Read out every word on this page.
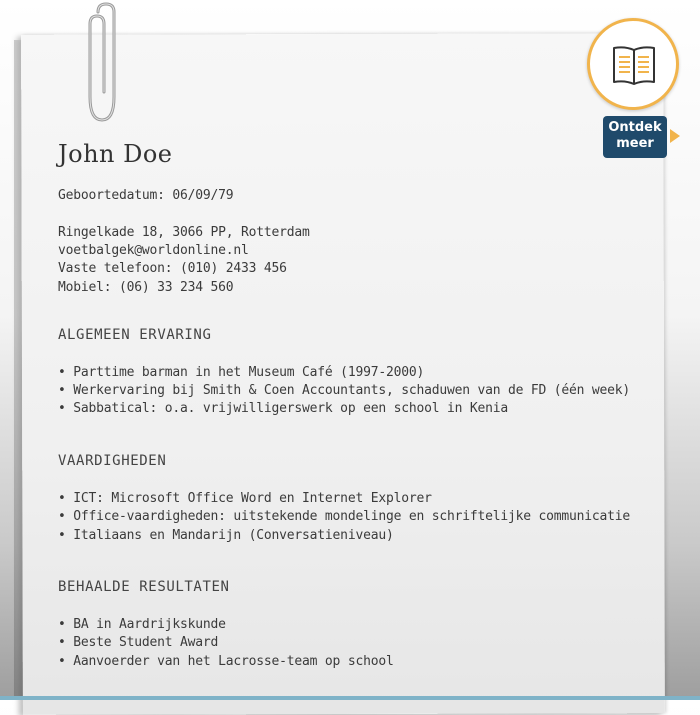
John Doe
Geboortedatum: 06/09/79
Ringelkade 18, 3066 PP, Rotterdam
voetbalgek@worldonline.nl
Vaste telefoon: (010) 2433 456
Mobiel: (06) 33 234 560
ALGEMEEN ERVARING
• Parttime barman in het Museum Café (1997-2000)
• Werkervaring bij Smith & Coen Accountants, schaduwen van de FD (één week)
• Sabbatical: o.a. vrijwilligerswerk op een school in Kenia
VAARDIGHEDEN
• ICT: Microsoft Office Word en Internet Explorer
• Office-vaardigheden: uitstekende mondelinge en schriftelijke communicatie
• Italiaans en Mandarijn (Conversatieniveau)
BEHAALDE RESULTATEN
• BA in Aardrijkskunde
• Beste Student Award
• Aanvoerder van het Lacrosse-team op school
Ontdek
meer
